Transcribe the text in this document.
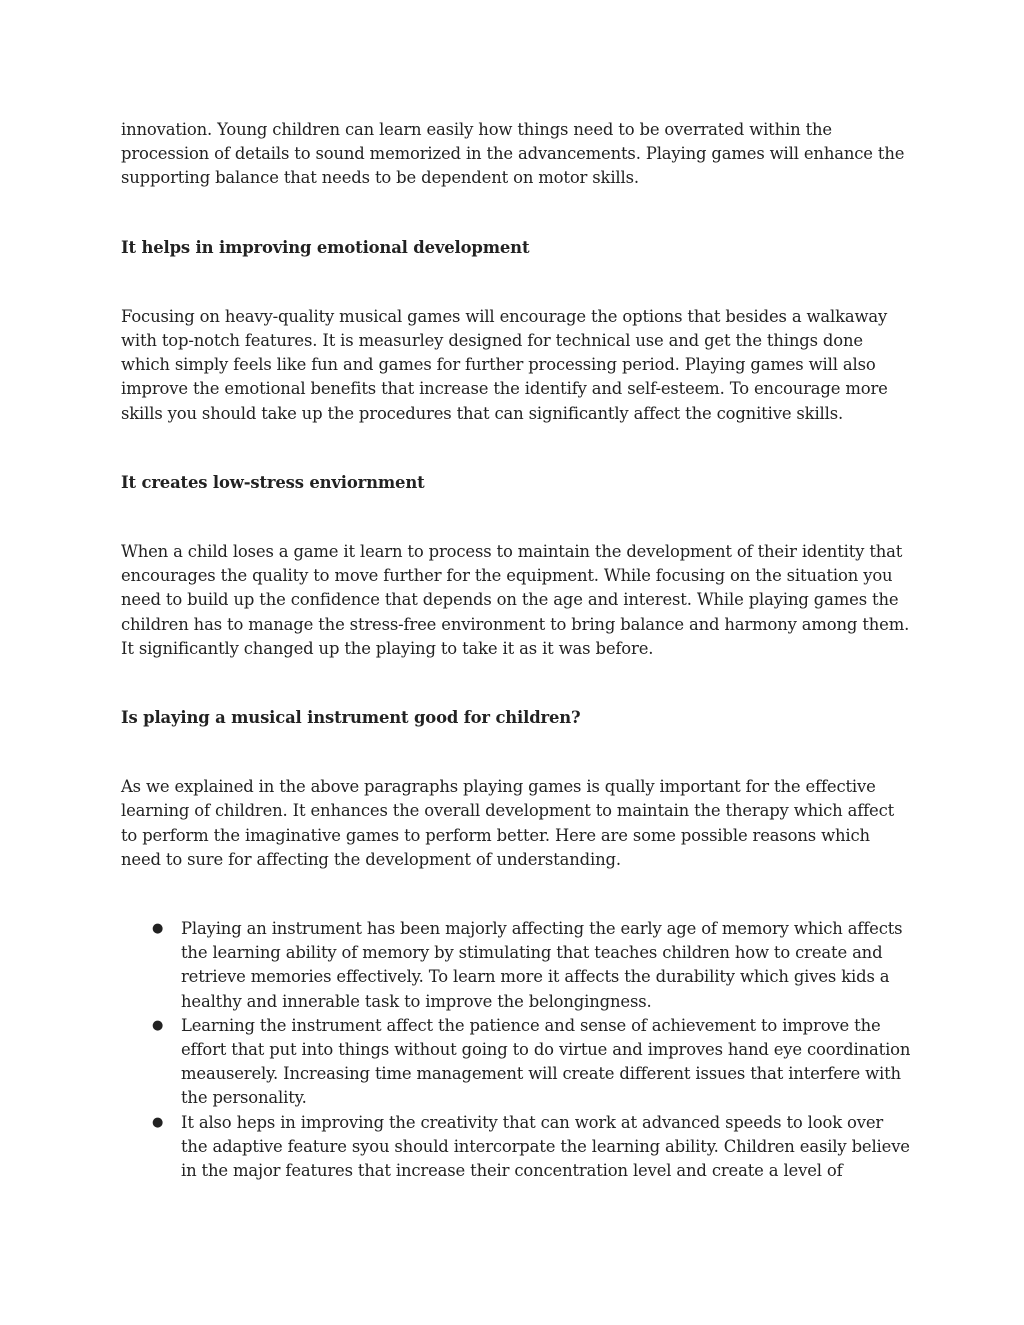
innovation. Young children can learn easily how things need to be overrated within the procession of details to sound memorized in the advancements. Playing games will enhance the supporting balance that needs to be dependent on motor skills.

It helps in improving emotional development

Focusing on heavy-quality musical games will encourage the options that besides a walkaway with top-notch features. It is measurley designed for technical use and get the things done which simply feels like fun and games for further processing period. Playing games will also improve the emotional benefits that increase the identify and self-esteem. To encourage more skills you should take up the procedures that can significantly affect the cognitive skills.

It creates low-stress enviornment

When a child loses a game it learn to process to maintain the development of their identity that encourages the quality to move further for the equipment. While focusing on the situation you need to build up the confidence that depends on the age and interest. While playing games the children has to manage the stress-free environment to bring balance and harmony among them. It significantly changed up the playing to take it as it was before.

Is playing a musical instrument good for children?

As we explained in the above paragraphs playing games is qually important for the effective learning of children. It enhances the overall development to maintain the therapy which affect to perform the imaginative games to perform better. Here are some possible reasons which need to sure for affecting the development of understanding.

● Playing an instrument has been majorly affecting the early age of memory which affects the learning ability of memory by stimulating that teaches children how to create and retrieve memories effectively. To learn more it affects the durability which gives kids a healthy and innerable task to improve the belongingness.
● Learning the instrument affect the patience and sense of achievement to improve the effort that put into things without going to do virtue and improves hand eye coordination meauserely. Increasing time management will create different issues that interfere with the personality.
● It also heps in improving the creativity that can work at advanced speeds to look over the adaptive feature syou should intercorpate the learning ability. Children easily believe in the major features that increase their concentration level and create a level of
